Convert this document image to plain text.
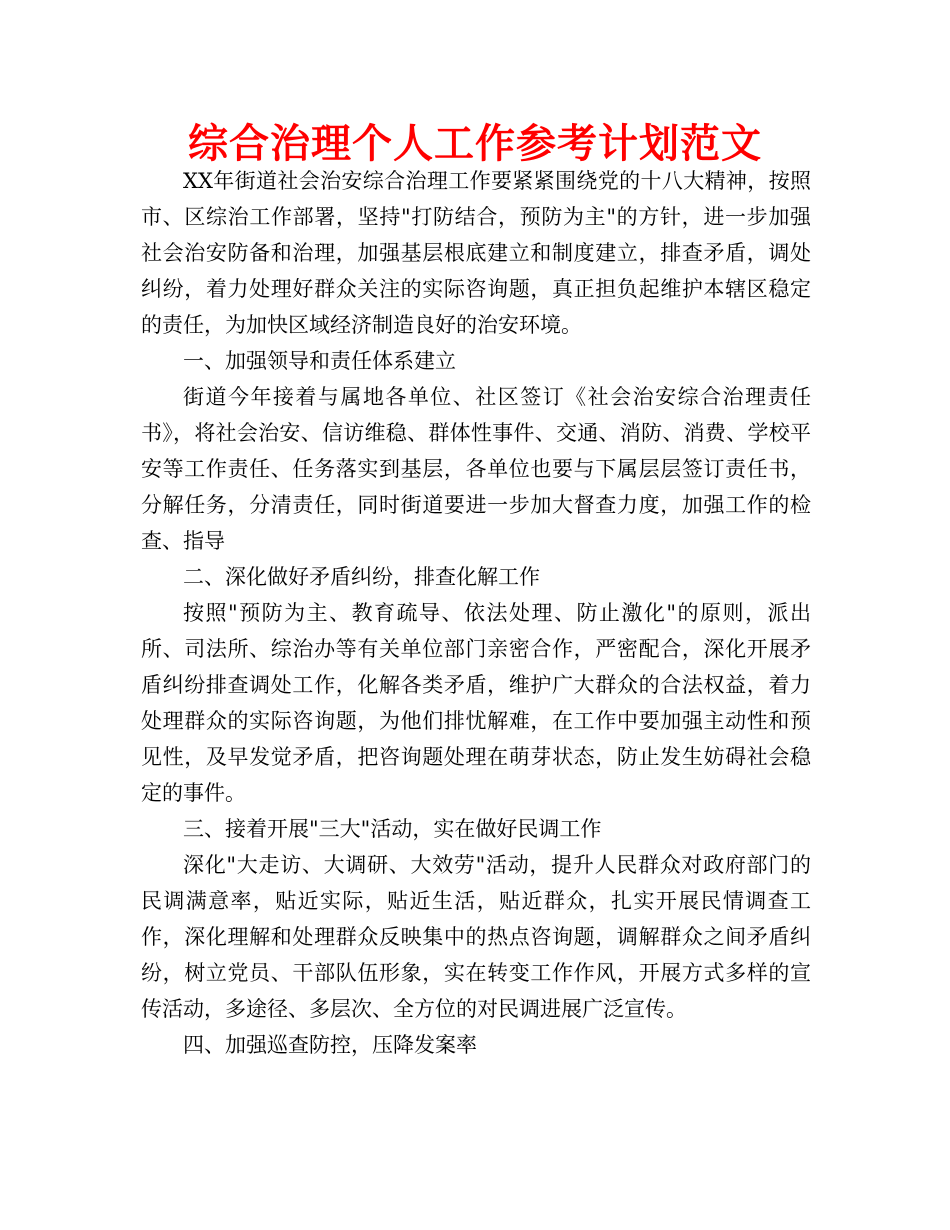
综合治理个人工作参考计划范文

XX年街道社会治安综合治理工作要紧紧围绕党的十八大精神，按照市、区综治工作部署，坚持"打防结合，预防为主"的方针，进一步加强社会治安防备和治理，加强基层根底建立和制度建立，排查矛盾，调处纠纷，着力处理好群众关注的实际咨询题，真正担负起维护本辖区稳定的责任，为加快区域经济制造良好的治安环境。

一、加强领导和责任体系建立

街道今年接着与属地各单位、社区签订《社会治安综合治理责任书》，将社会治安、信访维稳、群体性事件、交通、消防、消费、学校平安等工作责任、任务落实到基层，各单位也要与下属层层签订责任书，分解任务，分清责任，同时街道要进一步加大督查力度，加强工作的检查、指导

二、深化做好矛盾纠纷，排查化解工作

按照"预防为主、教育疏导、依法处理、防止激化"的原则，派出所、司法所、综治办等有关单位部门亲密合作，严密配合，深化开展矛盾纠纷排查调处工作，化解各类矛盾，维护广大群众的合法权益，着力处理群众的实际咨询题，为他们排忧解难，在工作中要加强主动性和预见性，及早发觉矛盾，把咨询题处理在萌芽状态，防止发生妨碍社会稳定的事件。

三、接着开展"三大"活动，实在做好民调工作

深化"大走访、大调研、大效劳"活动，提升人民群众对政府部门的民调满意率，贴近实际，贴近生活，贴近群众，扎实开展民情调查工作，深化理解和处理群众反映集中的热点咨询题，调解群众之间矛盾纠纷，树立党员、干部队伍形象，实在转变工作作风，开展方式多样的宣传活动，多途径、多层次、全方位的对民调进展广泛宣传。

四、加强巡查防控，压降发案率
